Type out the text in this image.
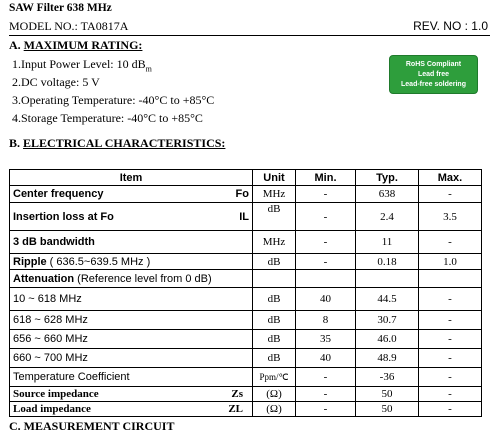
SAW Filter 638 MHz
MODEL NO.: TA0817A	REV. NO : 1.0
A. MAXIMUM RATING:
1.Input Power Level: 10 $dB_m$
2.DC voltage: 5 V
3.Operating Temperature: -40°C to +85°C
4.Storage Temperature: -40°C to +85°C
RoHS Compliant
Lead free
Lead-free soldering
B. ELECTRICAL CHARACTERISTICS:
Item	Unit	Min.	Typ.	Max.
Center frequency Fo	MHz	-	638	-
Insertion loss at Fo IL	dB	-	2.4	3.5
3 dB bandwidth	MHz	-	11	-
Ripple ( 636.5~639.5 MHz )	dB	-	0.18	1.0
Attenuation (Reference level from 0 dB)				
10 ~ 618 MHz	dB	40	44.5	-
618 ~ 628 MHz	dB	8	30.7	-
656 ~ 660 MHz	dB	35	46.0	-
660 ~ 700 MHz	dB	40	48.9	-
Temperature Coefficient	Ppm/℃	-	-36	-
Source impedance Zs	(Ω)	-	50	-
Load impedance ZL	(Ω)	-	50	-
C. MEASUREMENT CIRCUIT
